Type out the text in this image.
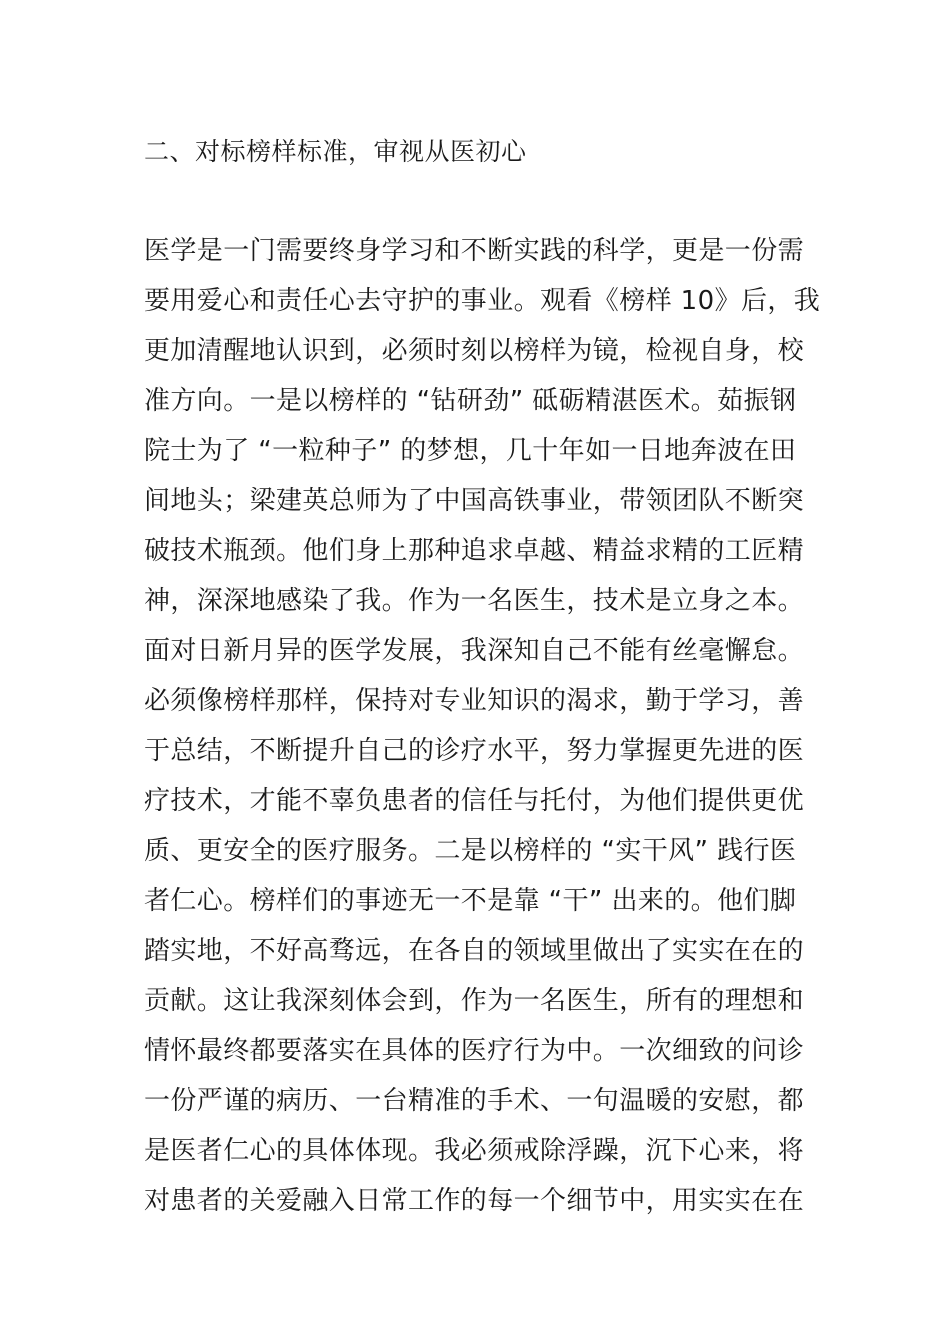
二、对标榜样标准，审视从医初心
医学是一门需要终身学习和不断实践的科学，更是一份需
要用爱心和责任心去守护的事业。观看《榜样 10》后，我
更加清醒地认识到，必须时刻以榜样为镜，检视自身，校
准方向。一是以榜样的 “钻研劲” 砥砺精湛医术。茹振钢
院士为了 “一粒种子” 的梦想，几十年如一日地奔波在田
间地头；梁建英总师为了中国高铁事业，带领团队不断突
破技术瓶颈。他们身上那种追求卓越、精益求精的工匠精
神，深深地感染了我。作为一名医生，技术是立身之本。
面对日新月异的医学发展，我深知自己不能有丝毫懈怠。
必须像榜样那样，保持对专业知识的渴求，勤于学习，善
于总结，不断提升自己的诊疗水平，努力掌握更先进的医
疗技术，才能不辜负患者的信任与托付，为他们提供更优
质、更安全的医疗服务。二是以榜样的 “实干风” 践行医
者仁心。榜样们的事迹无一不是靠 “干” 出来的。他们脚
踏实地，不好高骛远，在各自的领域里做出了实实在在的
贡献。这让我深刻体会到，作为一名医生，所有的理想和
情怀最终都要落实在具体的医疗行为中。一次细致的问诊
一份严谨的病历、一台精准的手术、一句温暖的安慰，都
是医者仁心的具体体现。我必须戒除浮躁，沉下心来，将
对患者的关爱融入日常工作的每一个细节中，用实实在在
